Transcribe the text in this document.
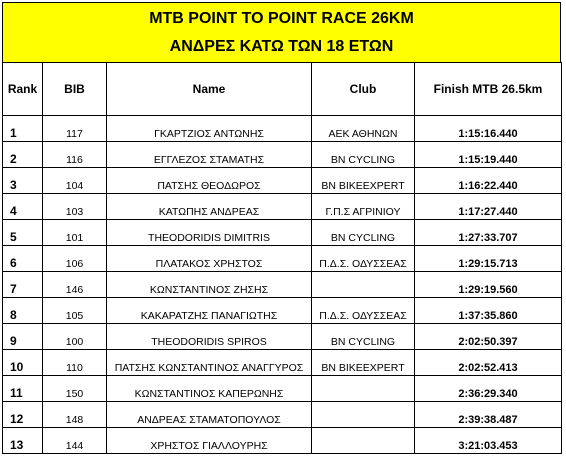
MTB POINT TO POINT RACE 26KM
ΑΝΔΡΕΣ ΚΑΤΩ ΤΩΝ 18 ΕΤΩΝ
Rank	BIB	Name	Club	Finish MTB 26.5km
1	117	ΓΚΑΡΤΖΙΟΣ ΑΝΤΩΝΗΣ	ΑΕΚ ΑΘΗΝΩΝ	1:15:16.440
2	116	ΕΓΓΛΕΖΟΣ ΣΤΑΜΑΤΗΣ	BN CYCLING	1:15:19.440
3	104	ΠΑΤΣΗΣ ΘΕΟΔΩΡΟΣ	BN BIKEEXPERT	1:16:22.440
4	103	ΚΑΤΩΠΗΣ ΑΝΔΡΕΑΣ	Γ.Π.Σ ΑΓΡΙΝΙΟΥ	1:17:27.440
5	101	THEODORIDIS DIMITRIS	BN CYCLING	1:27:33.707
6	106	ΠΛΑΤΑΚΟΣ ΧΡΗΣΤΟΣ	Π.Δ.Σ. ΟΔΥΣΣΕΑΣ	1:29:15.713
7	146	ΚΩΝΣΤΑΝΤΙΝΟΣ ΖΗΣΗΣ		1:29:19.560
8	105	ΚΑΚΑΡΑΤΖΗΣ ΠΑΝΑΓΙΩΤΗΣ	Π.Δ.Σ. ΟΔΥΣΣΕΑΣ	1:37:35.860
9	100	THEODORIDIS SPIROS	BN CYCLING	2:02:50.397
10	110	ΠΑΤΣΗΣ ΚΩΝΣΤΑΝΤΙΝΟΣ ΑΝΑΓΓΥΡΟΣ	BN BIKEEXPERT	2:02:52.413
11	150	ΚΩΝΣΤΑΝΤΙΝΟΣ ΚΑΠΕΡΩΝΗΣ		2:36:29.340
12	148	ΑΝΔΡΕΑΣ ΣΤΑΜΑΤΟΠΟΥΛΟΣ		2:39:38.487
13	144	ΧΡΗΣΤΟΣ ΓΙΑΛΛΟΥΡΗΣ		3:21:03.453
